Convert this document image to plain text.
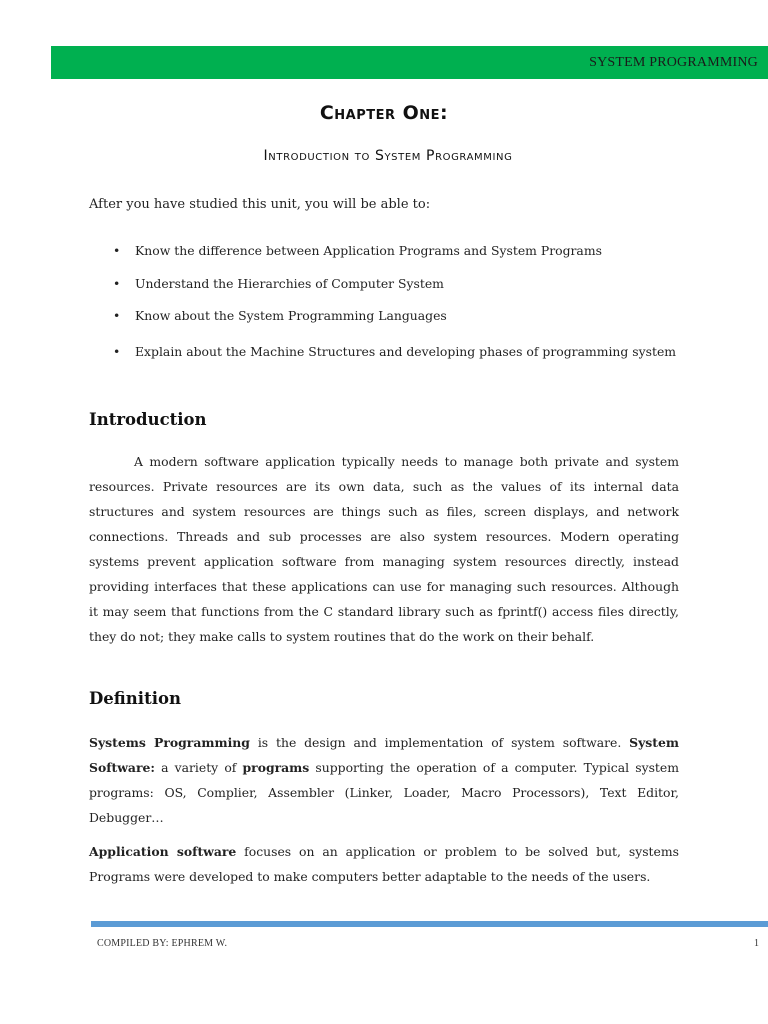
SYSTEM PROGRAMMING
Chapter One:
Introduction to System Programming
After you have studied this unit, you will be able to:
•	Know the difference between Application Programs and System Programs
•	Understand the Hierarchies of Computer System
•	Know about the System Programming Languages
•	Explain about the Machine Structures and developing phases of programming system
Introduction

A modern software application typically needs to manage both private and system resources. Private resources are its own data, such as the values of its internal data structures and system resources are things such as files, screen displays, and network connections. Threads and sub processes are also system resources. Modern operating systems prevent application software from managing system resources directly, instead providing interfaces that these applications can use for managing such resources. Although it may seem that functions from the C standard library such as fprintf() access files directly, they do not; they make calls to system routines that do the work on their behalf.

Definition

Systems Programming is the design and implementation of system software. System Software: a variety of programs supporting the operation of a computer. Typical system programs: OS, Complier, Assembler (Linker, Loader, Macro Processors), Text Editor, Debugger…

Application software focuses on an application or problem to be solved but, systems Programs were developed to make computers better adaptable to the needs of the users.

COMPILED BY: EPHREM W.	1
